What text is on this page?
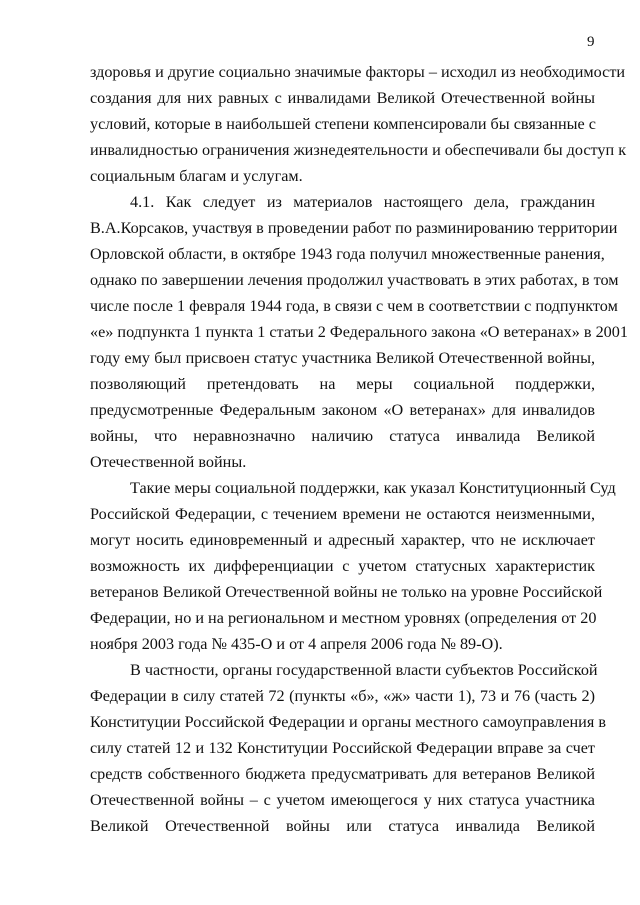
9
здоровья и другие социально значимые факторы – исходил из необходимости
создания для них равных с инвалидами Великой Отечественной войны
условий, которые в наибольшей степени компенсировали бы связанные с
инвалидностью ограничения жизнедеятельности и обеспечивали бы доступ к
социальным благам и услугам.
4.1. Как следует из материалов настоящего дела, гражданин
В.А.Корсаков, участвуя в проведении работ по разминированию территории
Орловской области, в октябре 1943 года получил множественные ранения,
однако по завершении лечения продолжил участвовать в этих работах, в том
числе после 1 февраля 1944 года, в связи с чем в соответствии с подпунктом
«е» подпункта 1 пункта 1 статьи 2 Федерального закона «О ветеранах» в 2001
году ему был присвоен статус участника Великой Отечественной войны,
позволяющий претендовать на меры социальной поддержки,
предусмотренные Федеральным законом «О ветеранах» для инвалидов
войны, что неравнозначно наличию статуса инвалида Великой
Отечественной войны.
Такие меры социальной поддержки, как указал Конституционный Суд
Российской Федерации, с течением времени не остаются неизменными,
могут носить единовременный и адресный характер, что не исключает
возможность их дифференциации с учетом статусных характеристик
ветеранов Великой Отечественной войны не только на уровне Российской
Федерации, но и на региональном и местном уровнях (определения от 20
ноября 2003 года № 435-О и от 4 апреля 2006 года № 89-О).
В частности, органы государственной власти субъектов Российской
Федерации в силу статей 72 (пункты «б», «ж» части 1), 73 и 76 (часть 2)
Конституции Российской Федерации и органы местного самоуправления в
силу статей 12 и 132 Конституции Российской Федерации вправе за счет
средств собственного бюджета предусматривать для ветеранов Великой
Отечественной войны – с учетом имеющегося у них статуса участника
Великой Отечественной войны или статуса инвалида Великой
